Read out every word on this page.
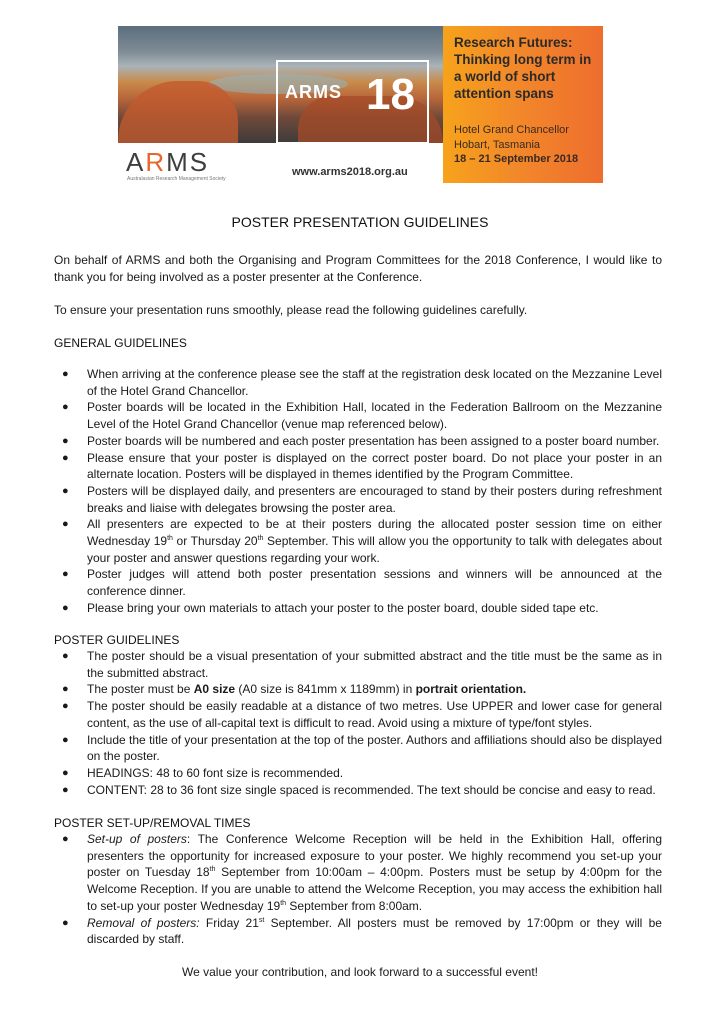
ARMS 18
Research Futures: Thinking long term in a world of short attention spans
Hotel Grand Chancellor
Hobart, Tasmania
18 – 21 September 2018
ARMS
Australasian Research Management Society
www.arms2018.org.au
POSTER PRESENTATION GUIDELINES

On behalf of ARMS and both the Organising and Program Committees for the 2018 Conference, I would like to thank you for being involved as a poster presenter at the Conference.

To ensure your presentation runs smoothly, please read the following guidelines carefully.

GENERAL GUIDELINES
● When arriving at the conference please see the staff at the registration desk located on the Mezzanine Level of the Hotel Grand Chancellor.
● Poster boards will be located in the Exhibition Hall, located in the Federation Ballroom on the Mezzanine Level of the Hotel Grand Chancellor (venue map referenced below).
● Poster boards will be numbered and each poster presentation has been assigned to a poster board number.
● Please ensure that your poster is displayed on the correct poster board. Do not place your poster in an alternate location. Posters will be displayed in themes identified by the Program Committee.
● Posters will be displayed daily, and presenters are encouraged to stand by their posters during refreshment breaks and liaise with delegates browsing the poster area.
● All presenters are expected to be at their posters during the allocated poster session time on either Wednesday 19th or Thursday 20th September. This will allow you the opportunity to talk with delegates about your poster and answer questions regarding your work.
● Poster judges will attend both poster presentation sessions and winners will be announced at the conference dinner.
● Please bring your own materials to attach your poster to the poster board, double sided tape etc.
POSTER GUIDELINES
● The poster should be a visual presentation of your submitted abstract and the title must be the same as in the submitted abstract.
● The poster must be A0 size (A0 size is 841mm x 1189mm) in portrait orientation.
● The poster should be easily readable at a distance of two metres. Use UPPER and lower case for general content, as the use of all-capital text is difficult to read. Avoid using a mixture of type/font styles.
● Include the title of your presentation at the top of the poster. Authors and affiliations should also be displayed on the poster.
● HEADINGS: 48 to 60 font size is recommended.
● CONTENT: 28 to 36 font size single spaced is recommended. The text should be concise and easy to read.
POSTER SET-UP/REMOVAL TIMES
● Set-up of posters: The Conference Welcome Reception will be held in the Exhibition Hall, offering presenters the opportunity for increased exposure to your poster. We highly recommend you set-up your poster on Tuesday 18th September from 10:00am – 4:00pm. Posters must be setup by 4:00pm for the Welcome Reception. If you are unable to attend the Welcome Reception, you may access the exhibition hall to set-up your poster Wednesday 19th September from 8:00am.
● Removal of posters: Friday 21st September. All posters must be removed by 17:00pm or they will be discarded by staff.
We value your contribution, and look forward to a successful event!
